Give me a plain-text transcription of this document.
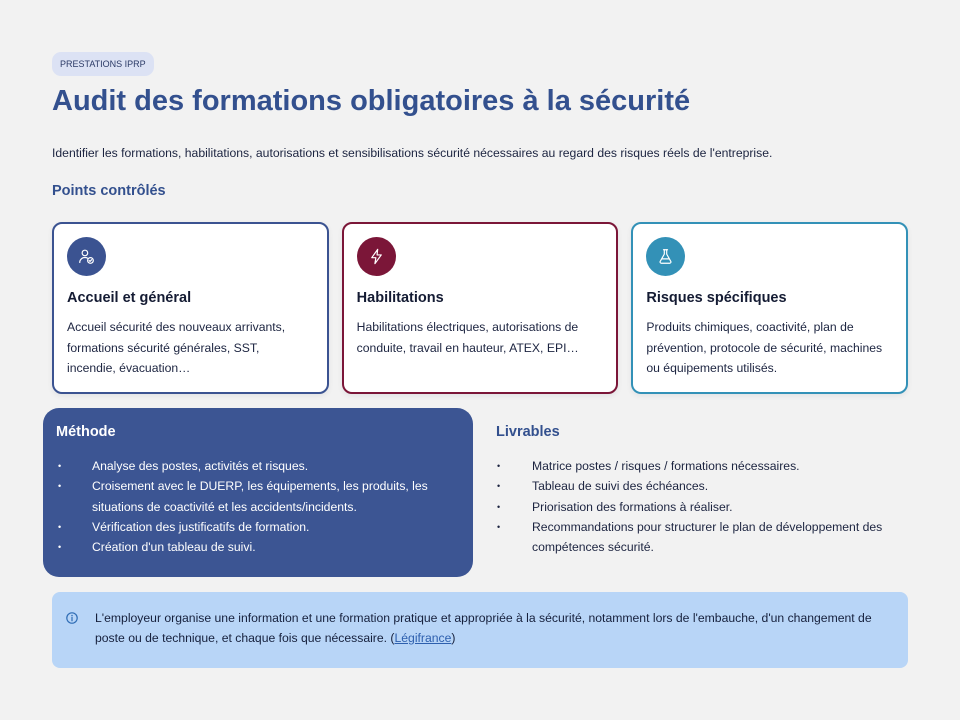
PRESTATIONS IPRP
Audit des formations obligatoires à la sécurité

Identifier les formations, habilitations, autorisations et sensibilisations sécurité nécessaires au regard des risques réels de l'entreprise.

Points contrôlés
Accueil et général

Accueil sécurité des nouveaux arrivants, formations sécurité générales, SST, incendie, évacuation…

Habilitations

Habilitations électriques, autorisations de conduite, travail en hauteur, ATEX, EPI…

Risques spécifiques

Produits chimiques, coactivité, plan de prévention, protocole de sécurité, machines ou équipements utilisés.

Méthode
• Analyse des postes, activités et risques.
• Croisement avec le DUERP, les équipements, les produits, les situations de coactivité et les accidents/incidents.
• Vérification des justificatifs de formation.
• Création d'un tableau de suivi.
Livrables
• Matrice postes / risques / formations nécessaires.
• Tableau de suivi des échéances.
• Priorisation des formations à réaliser.
• Recommandations pour structurer le plan de développement des compétences sécurité.
L'employeur organise une information et une formation pratique et appropriée à la sécurité, notamment lors de l'embauche, d'un changement de poste ou de technique, et chaque fois que nécessaire. (Légifrance)
